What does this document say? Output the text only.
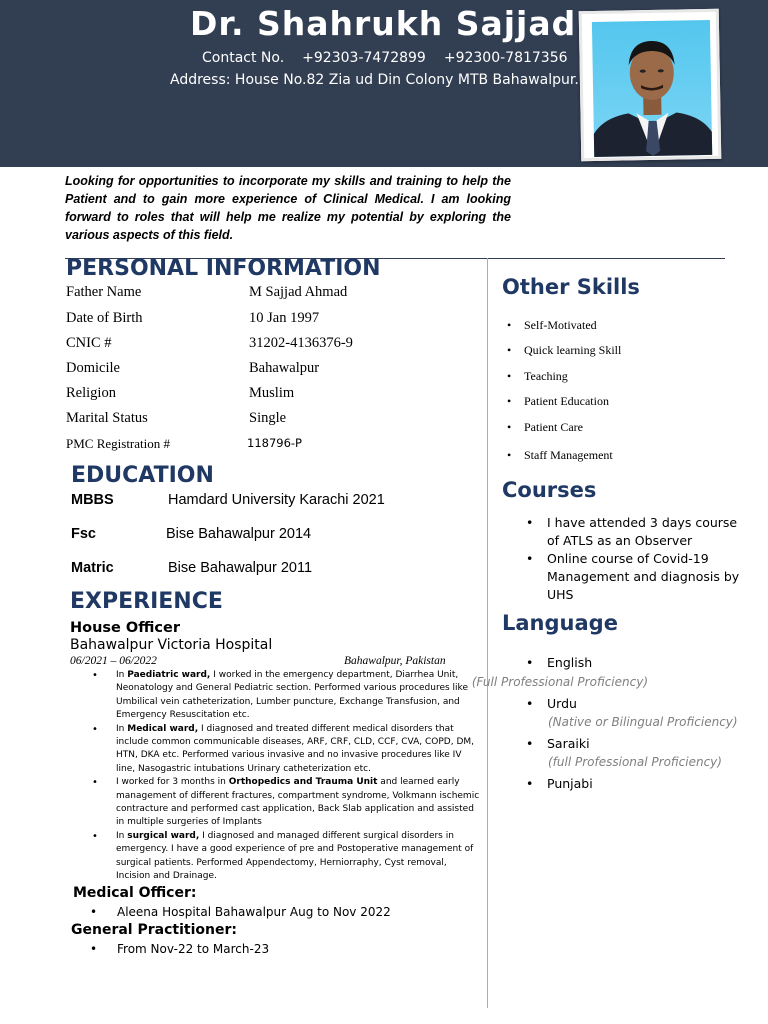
Dr. Shahrukh Sajjad
Contact No. +92303-7472899 +92300-7817356
Address: House No.82 Zia ud Din Colony MTB Bahawalpur.
Looking for opportunities to incorporate my skills and training to help the Patient and to gain more experience of Clinical Medical. I am looking forward to roles that will help me realize my potential by exploring the various aspects of this field.
PERSONAL INFORMATION
Father Name	M Sajjad Ahmad
Date of Birth	10 Jan 1997
CNIC #	31202-4136376-9
Domicile	Bahawalpur
Religion	Muslim
Marital Status	Single
PMC Registration #	118796-P
EDUCATION
MBBS	Hamdard University Karachi 2021
Fsc	Bise Bahawalpur 2014
Matric	Bise Bahawalpur 2011
EXPERIENCE
House Officer
Bahawalpur Victoria Hospital
06/2021 – 06/2022	Bahawalpur, Pakistan
• In Paediatric ward, I worked in the emergency department, Diarrhea Unit, Neonatology and General Pediatric section. Performed various procedures like Umbilical vein catheterization, Lumber puncture, Exchange Transfusion, and Emergency Resuscitation etc.
• In Medical ward, I diagnosed and treated different medical disorders that include common communicable diseases, ARF, CRF, CLD, CCF, CVA, COPD, DM, HTN, DKA etc. Performed various invasive and no invasive procedures like IV line, Nasogastric intubations Urinary catheterization etc.
• I worked for 3 months in Orthopedics and Trauma Unit and learned early management of different fractures, compartment syndrome, Volkmann ischemic contracture and performed cast application, Back Slab application and assisted in multiple surgeries of Implants
• In surgical ward, I diagnosed and managed different surgical disorders in emergency. I have a good experience of pre and Postoperative management of surgical patients. Performed Appendectomy, Herniorraphy, Cyst removal, Incision and Drainage.
Medical Officer:
• Aleena Hospital Bahawalpur Aug to Nov 2022
General Practitioner:
• From Nov-22 to March-23
Other Skills
• Self-Motivated
• Quick learning Skill
• Teaching
• Patient Education
• Patient Care
• Staff Management
Courses
• I have attended 3 days course of ATLS as an Observer
• Online course of Covid-19 Management and diagnosis by UHS
Language
• English
(Full Professional Proficiency)
• Urdu
(Native or Bilingual Proficiency)
• Saraiki
(full Professional Proficiency)
• Punjabi
